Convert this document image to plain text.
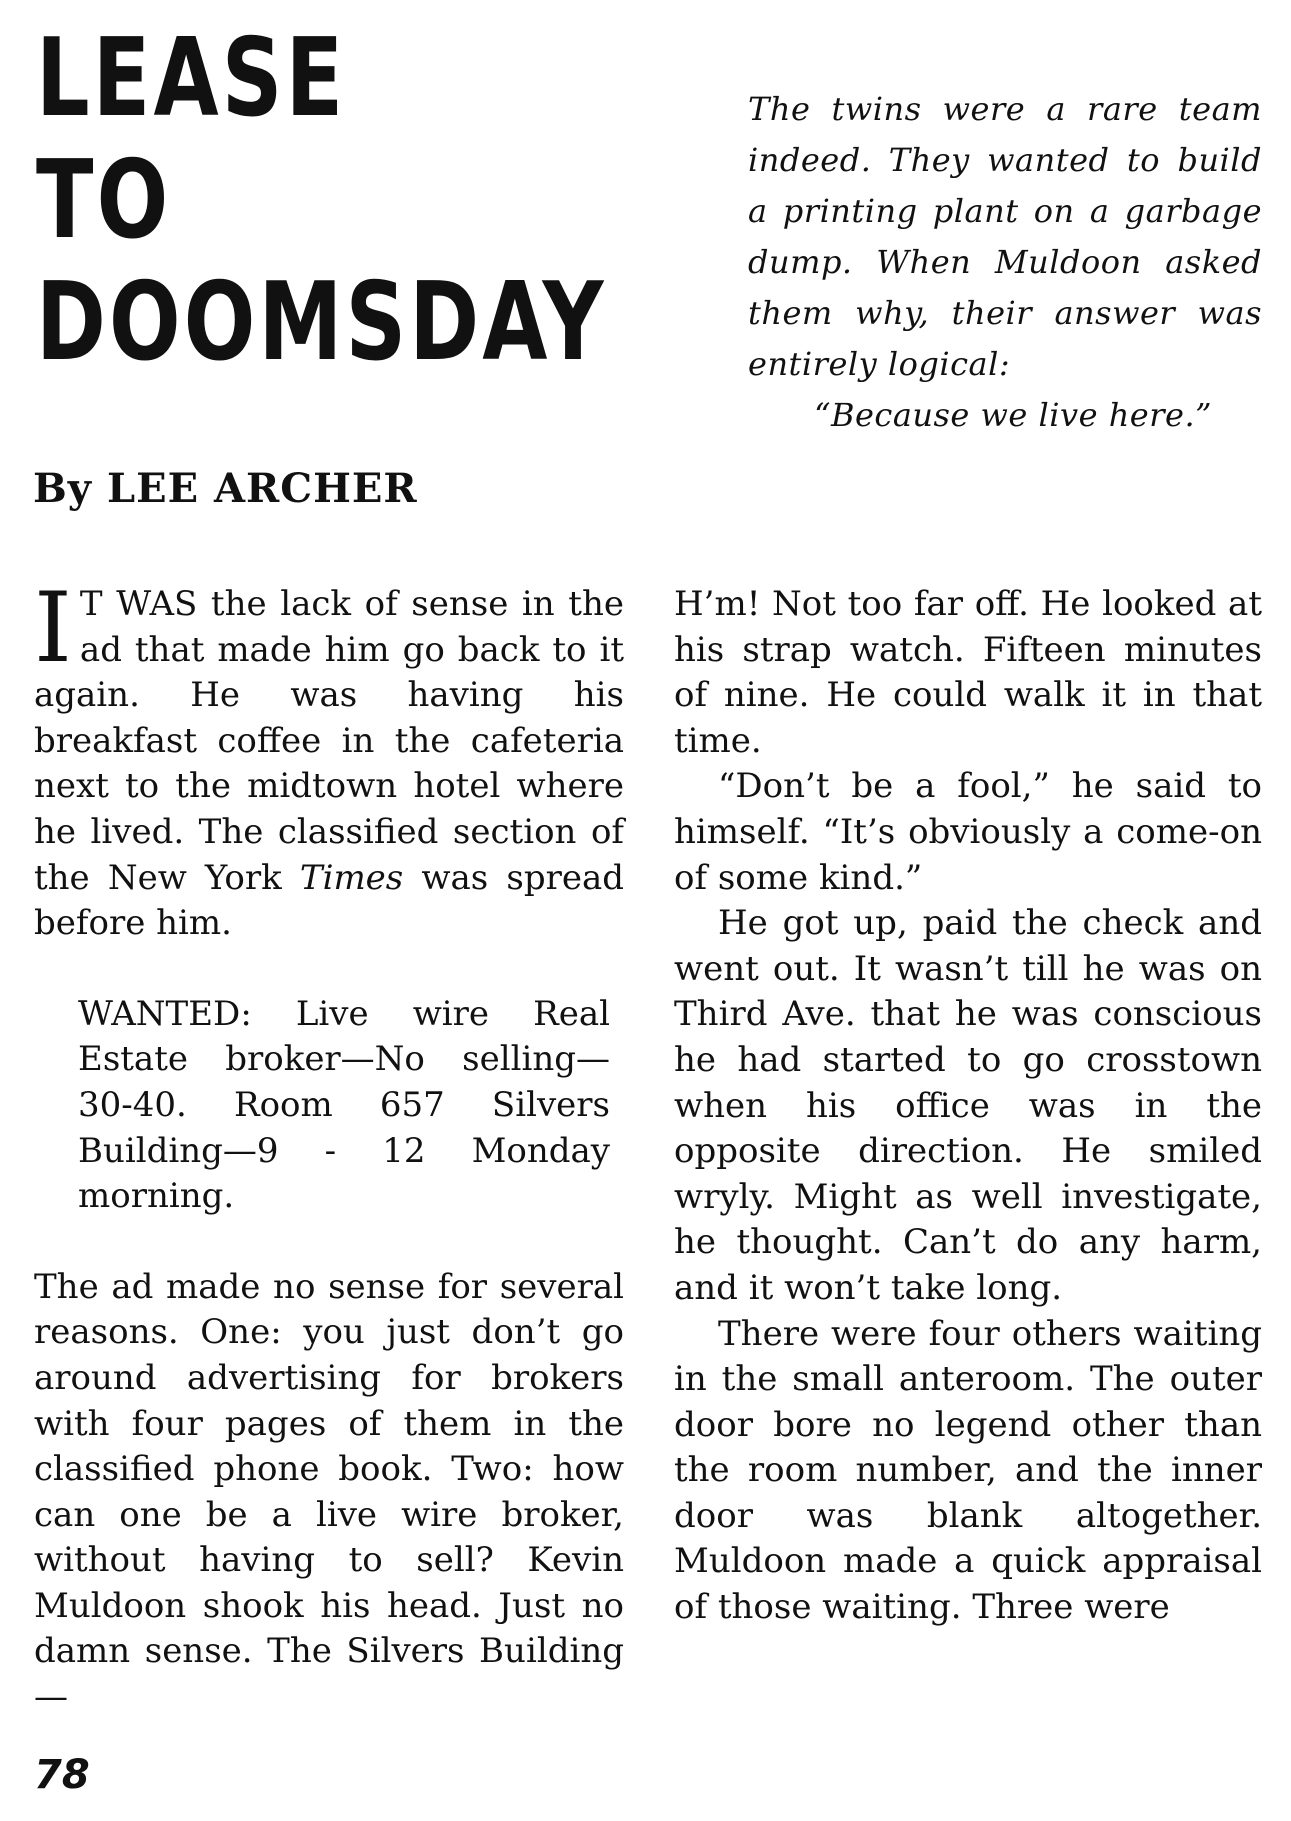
LEASE
TO
DOOMSDAY
By LEE ARCHER
The twins were a rare team
indeed. They wanted to build
a printing plant on a garbage
dump. When Muldoon asked
them why, their answer was
entirely logical:
“Because we live here.”

I T WAS the lack of sense in the ad that made him go back to it again. He was having his breakfast coffee in the cafeteria next to the midtown hotel where he lived. The classified section of the New York Times was spread before him.

WANTED: Live wire Real Estate broker—No selling—30-40. Room 657 Silvers Building—9 - 12 Monday morning.

The ad made no sense for several reasons. One: you just don’t go around advertising for brokers with four pages of them in the classified phone book. Two: how can one be a live wire broker, without having to sell? Kevin Muldoon shook his head. Just no damn sense. The Silvers Building—

H’m! Not too far off. He looked at his strap watch. Fifteen minutes of nine. He could walk it in that time.

“Don’t be a fool,” he said to himself. “It’s obviously a come-on of some kind.”

He got up, paid the check and went out. It wasn’t till he was on Third Ave. that he was conscious he had started to go crosstown when his office was in the opposite direction. He smiled wryly. Might as well investigate, he thought. Can’t do any harm, and it won’t take long.

There were four others waiting in the small anteroom. The outer door bore no legend other than the room number, and the inner door was blank altogether. Muldoon made a quick appraisal of those waiting. Three were

78
